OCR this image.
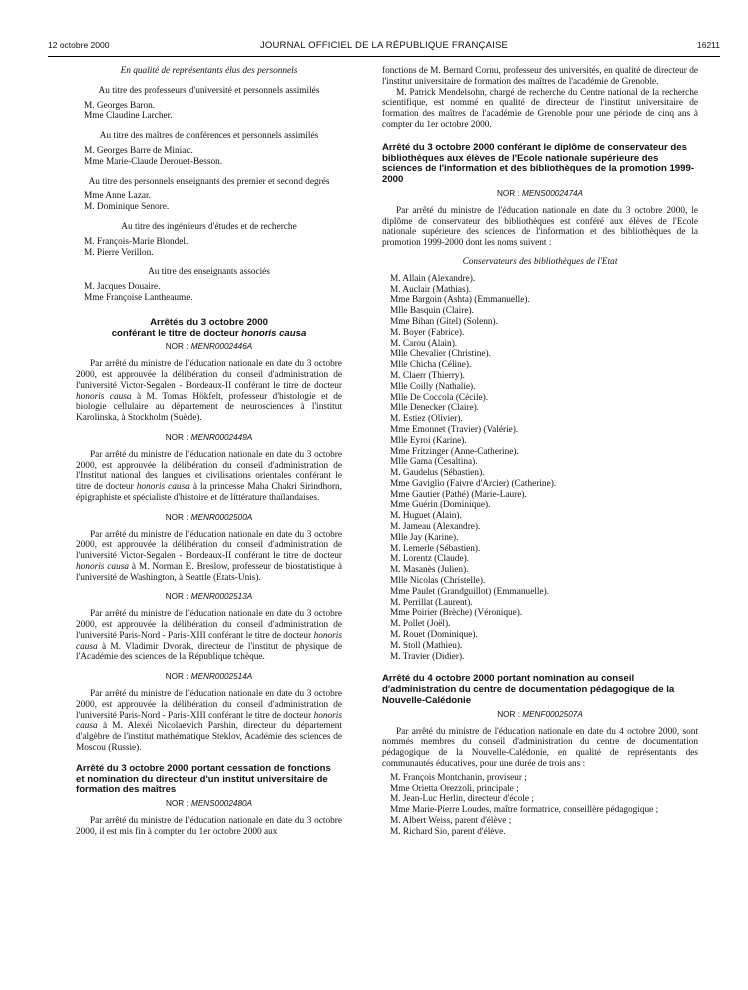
12 octobre 2000	JOURNAL OFFICIEL DE LA RÉPUBLIQUE FRANÇAISE	16211

En qualité de représentants élus des personnels

Au titre des professeurs d'université et personnels assimilés

M. Georges Baron.

Mme Claudine Larcher.

Au titre des maîtres de conférences et personnels assimilés

M. Georges Barre de Miniac.

Mme Marie-Claude Derouet-Besson.

Au titre des personnels enseignants des premier et second degrés

Mme Anne Lazar.

M. Dominique Senore.

Au titre des ingénieurs d'études et de recherche

M. François-Marie Blondel.

M. Pierre Verillon.

Au titre des enseignants associés

M. Jacques Douaire.

Mme Françoise Lantheaume.

Arrêtés du 3 octobre 2000

conférant le titre de docteur honoris causa

NOR : MENR0002446A

Par arrêté du ministre de l'éducation nationale en date du 3 octobre 2000, est approuvée la délibération du conseil d'administration de l'université Victor-Segalen - Bordeaux-II conférant le titre de docteur honoris causa à M. Tomas Hökfelt, professeur d'histologie et de biologie cellulaire au département de neurosciences à l'institut Karolinska, à Stockholm (Suède).

NOR : MENR0002449A

Par arrêté du ministre de l'éducation nationale en date du 3 octobre 2000, est approuvée la délibération du conseil d'administration de l'Institut national des langues et civilisations orientales conférant le titre de docteur honoris causa à la princesse Maha Chakri Sirindhorn, épigraphiste et spécialiste d'histoire et de littérature thaïlandaises.

NOR : MENR0002500A

Par arrêté du ministre de l'éducation nationale en date du 3 octobre 2000, est approuvée la délibération du conseil d'administration de l'université Victor-Segalen - Bordeaux-II conférant le titre de docteur honoris causa à M. Norman E. Breslow, professeur de biostatistique à l'université de Washington, à Seattle (Etats-Unis).

NOR : MENR0002513A

Par arrêté du ministre de l'éducation nationale en date du 3 octobre 2000, est approuvée la délibération du conseil d'administration de l'université Paris-Nord - Paris-XIII conférant le titre de docteur honoris causa à M. Vladimir Dvorak, directeur de l'institut de physique de l'Académie des sciences de la République tchèque.

NOR : MENR0002514A

Par arrêté du ministre de l'éducation nationale en date du 3 octobre 2000, est approuvée la délibération du conseil d'administration de l'université Paris-Nord - Paris-XIII conférant le titre de docteur honoris causa à M. Alexéi Nicolaevich Parshin, directeur du département d'algèbre de l'institut mathématique Steklov, Académie des sciences de Moscou (Russie).

Arrêté du 3 octobre 2000 portant cessation de fonctions et nomination du directeur d'un institut universitaire de formation des maîtres

NOR : MENS0002480A

Par arrêté du ministre de l'éducation nationale en date du 3 octobre 2000, il est mis fin à compter du 1er octobre 2000 aux

fonctions de M. Bernard Cornu, professeur des universités, en qualité de directeur de l'institut universitaire de formation des maîtres de l'académie de Grenoble.

M. Patrick Mendelsohn, chargé de recherche du Centre national de la recherche scientifique, est nommé en qualité de directeur de l'institut universitaire de formation des maîtres de l'académie de Grenoble pour une période de cinq ans à compter du 1er octobre 2000.

Arrêté du 3 octobre 2000 conférant le diplôme de conservateur des bibliothèques aux élèves de l'Ecole nationale supérieure des sciences de l'information et des bibliothèques de la promotion 1999-2000

NOR : MENS0002474A

Par arrêté du ministre de l'éducation nationale en date du 3 octobre 2000, le diplôme de conservateur des bibliothèques est conféré aux élèves de l'Ecole nationale supérieure des sciences de l'information et des bibliothèques de la promotion 1999-2000 dont les noms suivent :

Conservateurs des bibliothèques de l'Etat

M. Allain (Alexandre).

M. Auclair (Mathias).

Mme Bargoin (Ashta) (Emmanuelle).

Mlle Basquin (Claire).

Mme Bihan (Gitel) (Solenn).

M. Boyer (Fabrice).

M. Carou (Alain).

Mlle Chevalier (Christine).

Mlle Chicha (Céline).

M. Claerr (Thierry).

Mlle Coilly (Nathalie).

Mlle De Coccola (Cécile).

Mlle Denecker (Claire).

M. Estiez (Olivier).

Mme Emonnet (Travier) (Valérie).

Mlle Eyroi (Karine).

Mme Fritzinger (Anne-Catherine).

Mlle Gama (Cesaltina).

M. Gaudelus (Sébastien).

Mme Gaviglio (Faivre d'Arcier) (Catherine).

Mme Gautier (Pathé) (Marie-Laure).

Mme Guérin (Dominique).

M. Huguet (Alain).

M. Jameau (Alexandre).

Mlle Jay (Karine).

M. Lemerle (Sébastien).

M. Lorentz (Claude).

M. Masanès (Julien).

Mlle Nicolas (Christelle).

Mme Paulet (Grandguillot) (Emmanuelle).

M. Perrillat (Laurent).

Mme Poirier (Brèche) (Véronique).

M. Pollet (Joël).

M. Rouet (Dominique).

M. Stoll (Mathieu).

M. Travier (Didier).

Arrêté du 4 octobre 2000 portant nomination au conseil d'administration du centre de documentation pédagogique de la Nouvelle-Calédonie

NOR : MENF0002507A

Par arrêté du ministre de l'éducation nationale en date du 4 octobre 2000, sont nommés membres du conseil d'administration du centre de documentation pédagogique de la Nouvelle-Calédonie, en qualité de représentants des communautés éducatives, pour une durée de trois ans :

M. François Montchanin, proviseur ;

Mme Orietta Orezzoli, principale ;

M. Jean-Luc Herlin, directeur d'école ;

Mme Marie-Pierre Loudes, maître formatrice, conseillère pédagogique ;

M. Albert Weiss, parent d'élève ;

M. Richard Sio, parent d'élève.
